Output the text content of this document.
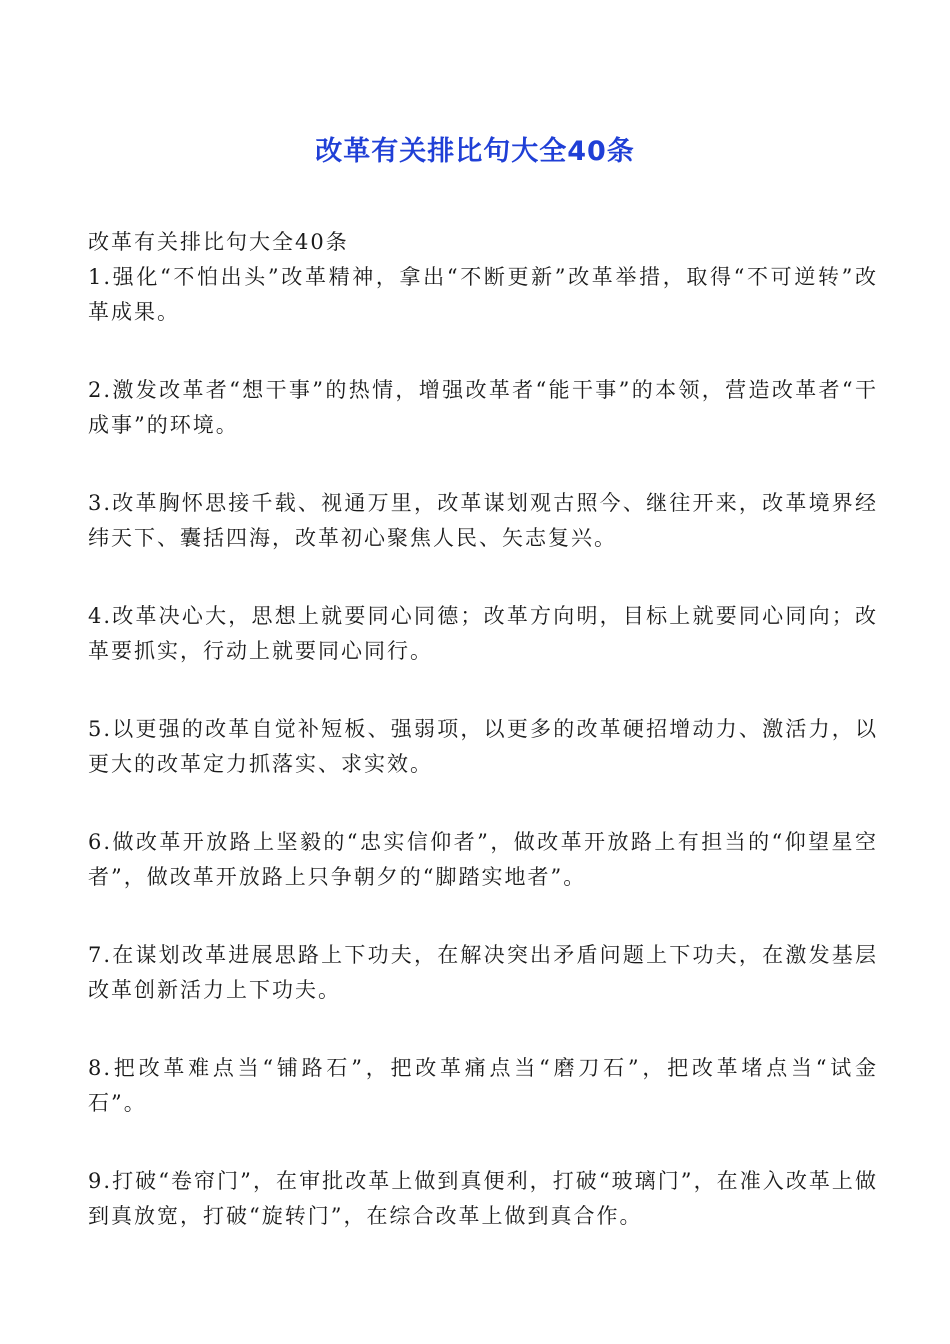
改革有关排比句大全40条

改革有关排比句大全40条

1.强化“不怕出头”改革精神，拿出“不断更新”改革举措，取得“不可逆转”改革成果。

2.激发改革者“想干事”的热情，增强改革者“能干事”的本领，营造改革者“干成事”的环境。

3.改革胸怀思接千载、视通万里，改革谋划观古照今、继往开来，改革境界经纬天下、囊括四海，改革初心聚焦人民、矢志复兴。

4.改革决心大，思想上就要同心同德；改革方向明，目标上就要同心同向；改革要抓实，行动上就要同心同行。

5.以更强的改革自觉补短板、强弱项，以更多的改革硬招增动力、激活力，以更大的改革定力抓落实、求实效。

6.做改革开放路上坚毅的“忠实信仰者”，做改革开放路上有担当的“仰望星空者”，做改革开放路上只争朝夕的“脚踏实地者”。

7.在谋划改革进展思路上下功夫，在解决突出矛盾问题上下功夫，在激发基层改革创新活力上下功夫。

8.把改革难点当“铺路石”，把改革痛点当“磨刀石”，把改革堵点当“试金石”。

9.打破“卷帘门”，在审批改革上做到真便利，打破“玻璃门”，在准入改革上做到真放宽，打破“旋转门”，在综合改革上做到真合作。
